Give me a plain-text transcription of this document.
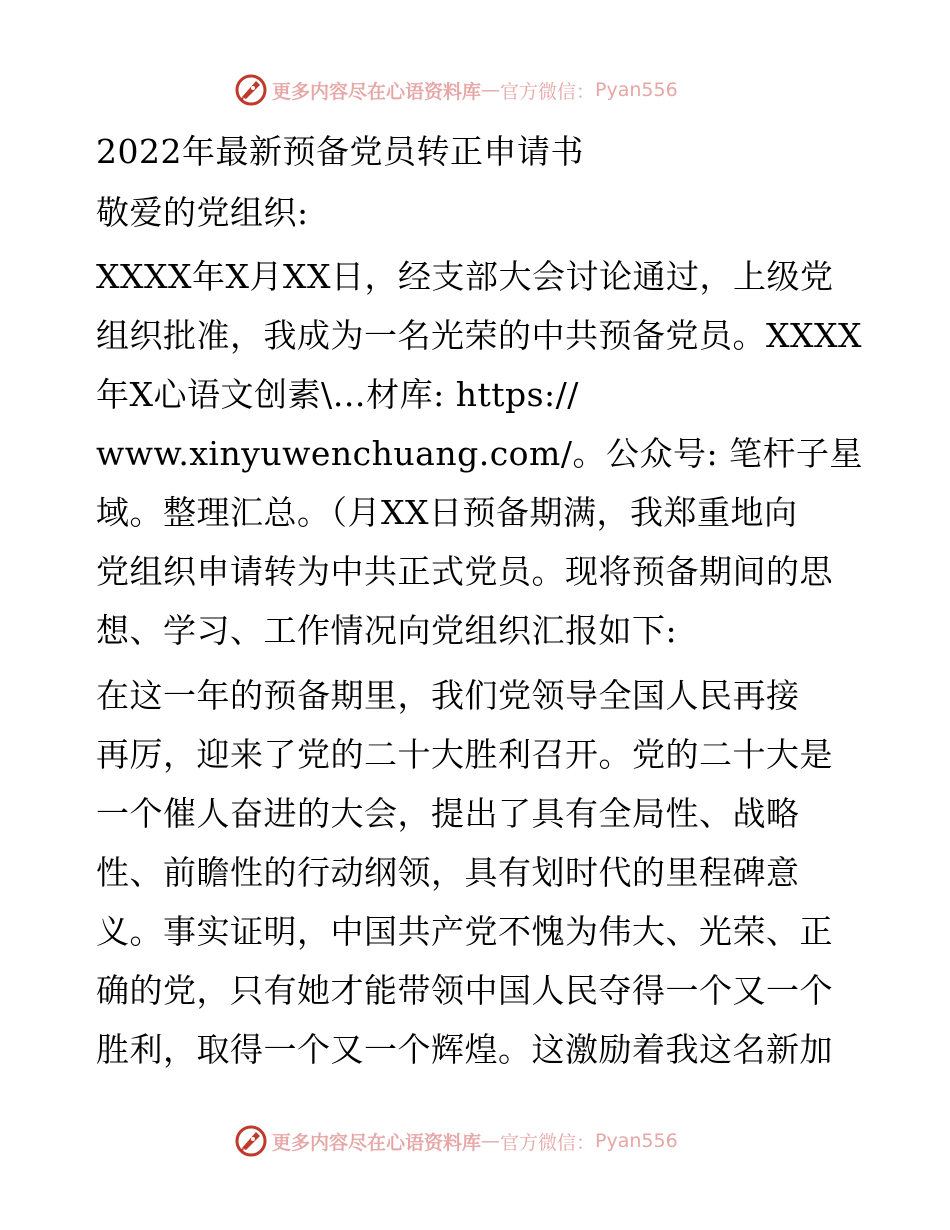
更多内容尽在心语资料库 — 官方微信： Pyan556
2022年最新预备党员转正申请书
敬爱的党组织:
XXXX年X月XX日，经支部大会讨论通过，上级党
组织批准，我成为一名光荣的中共预备党员。XXXX
年X心语文创素\…材库: https://
www.xinyuwenchuang.com/。公众号: 笔杆子星
域。整理汇总。（月XX日预备期满，我郑重地向
党组织申请转为中共正式党员。现将预备期间的思
想、学习、工作情况向党组织汇报如下:
在这一年的预备期里，我们党领导全国人民再接
再厉，迎来了党的二十大胜利召开。党的二十大是
一个催人奋进的大会，提出了具有全局性、战略
性、前瞻性的行动纲领，具有划时代的里程碑意
义。事实证明，中国共产党不愧为伟大、光荣、正
确的党，只有她才能带领中国人民夺得一个又一个
胜利，取得一个又一个辉煌。这激励着我这名新加
更多内容尽在心语资料库 — 官方微信： Pyan556
